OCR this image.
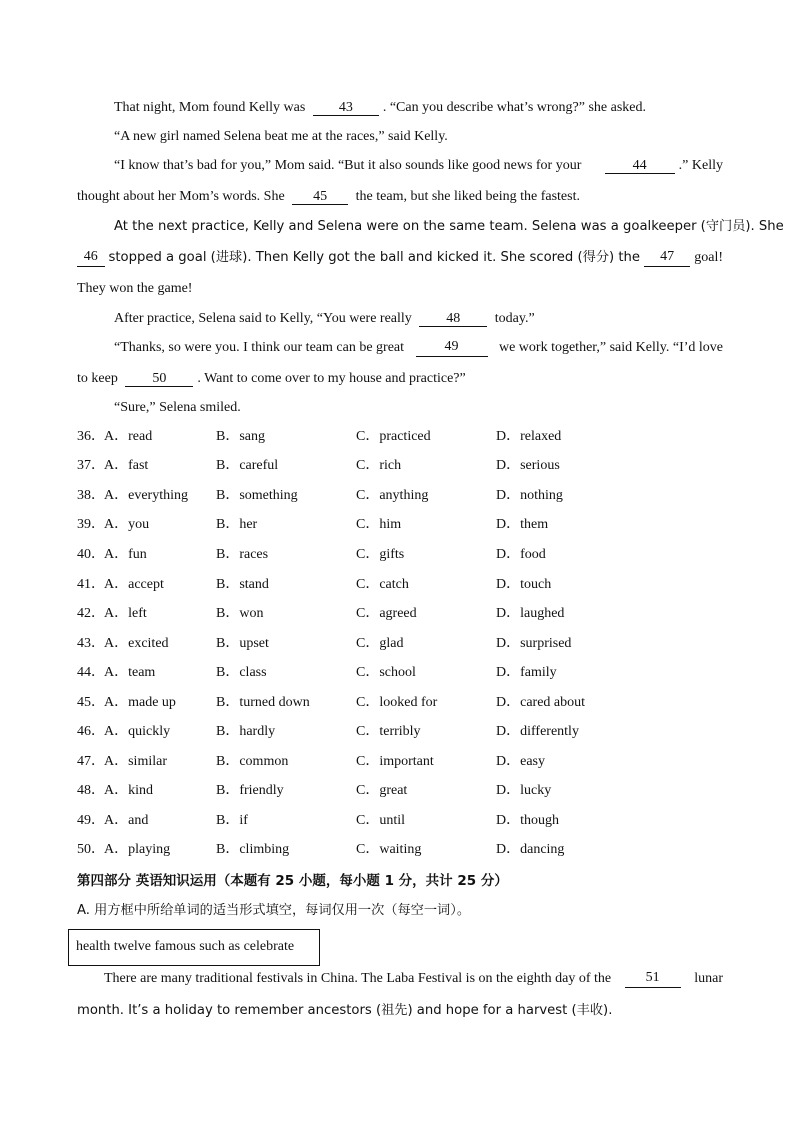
That night, Mom found Kelly was 43 . “Can you describe what’s wrong?” she asked.
“A new girl named Selena beat me at the races,” said Kelly.
“I know that’s bad for you,” Mom said. “But it also sounds like good news for your	44 .” Kelly
thought about her Mom’s words. She 45 the team, but she liked being the fastest.
At the next practice, Kelly and Selena were on the same team. Selena was a goalkeeper (守门员). She
46 stopped a goal (进球). Then Kelly got the ball and kicked it. She scored (得分) the	47	goal!
They won the game!
After practice, Selena said to Kelly, “You were really 48 today.”
“Thanks, so were you. I think our team can be great	49	we work together,” said Kelly. “I’d love
to keep 50 . Want to come over to my house and practice?”
“Sure,” Selena smiled.
36． A．read	B．sang	C．practiced	D．relaxed
37． A．fast	B．careful	C．rich	D．serious
38． A．everything B．something	C．anything	D．nothing
39． A．you	B．her	C．him	D．them
40． A．fun	B．races	C．gifts	D．food
41． A．accept	B．stand	C．catch	D．touch
42． A．left	B．won	C．agreed	D．laughed
43． A．excited	B．upset	C．glad	D．surprised
44． A．team	B．class	C．school	D．family
45． A．made up	B．turned down	C．looked for	D．cared about
46． A．quickly	B．hardly	C．terribly	D．differently
47． A．similar	B．common	C．important	D．easy
48． A．kind	B．friendly	C．great	D．lucky
49． A．and	B．if	C．until	D．though
50． A．playing	B．climbing	C．waiting	D．dancing
第四部分 英语知识运用（本题有 25 小题，每小题 1 分，共计 25 分）
A. 用方框中所给单词的适当形式填空，每词仅用一次（每空一词）。
health twelve famous such as celebrate
There are many traditional festivals in China. The Laba Festival is on the eighth day of the	51	lunar
month. It’s a holiday to remember ancestors (祖先) and hope for a harvest (丰收).
